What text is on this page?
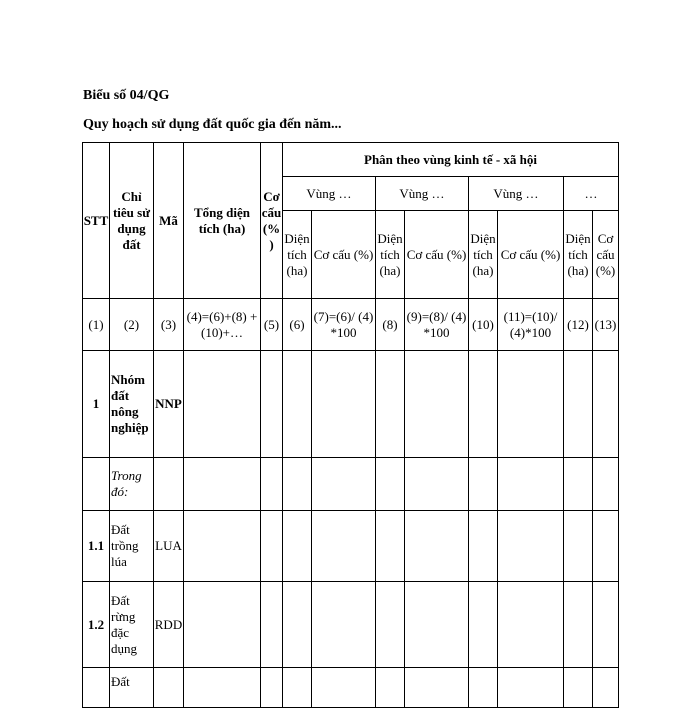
Biểu số 04/QG
Quy hoạch sử dụng đất quốc gia đến năm...
STT	Chỉ tiêu sử dụng đất	Mã	Tổng diện tích (ha)	Cơ cấu (%)	Phân theo vùng kinh tế - xã hội							
					Vùng …		Vùng …		Vùng …		…	
					Diện tích (ha)	Cơ cấu (%)	Diện tích (ha)	Cơ cấu (%)	Diện tích (ha)	Cơ cấu (%)	Diện tích (ha)	Cơ cấu (%)
(1)	(2)	(3)	(4)=(6)+(8) + (10)+…	(5)	(6)	(7)=(6)/ (4) *100	(8)	(9)=(8)/ (4) *100	(10)	(11)=(10)/ (4)*100	(12)	(13)
1	Nhóm đất nông nghiệp	NNP										
	Trong đó:											
1.1	Đất trồng lúa	LUA										
1.2	Đất rừng đặc dụng	RDD										
	Đất											
